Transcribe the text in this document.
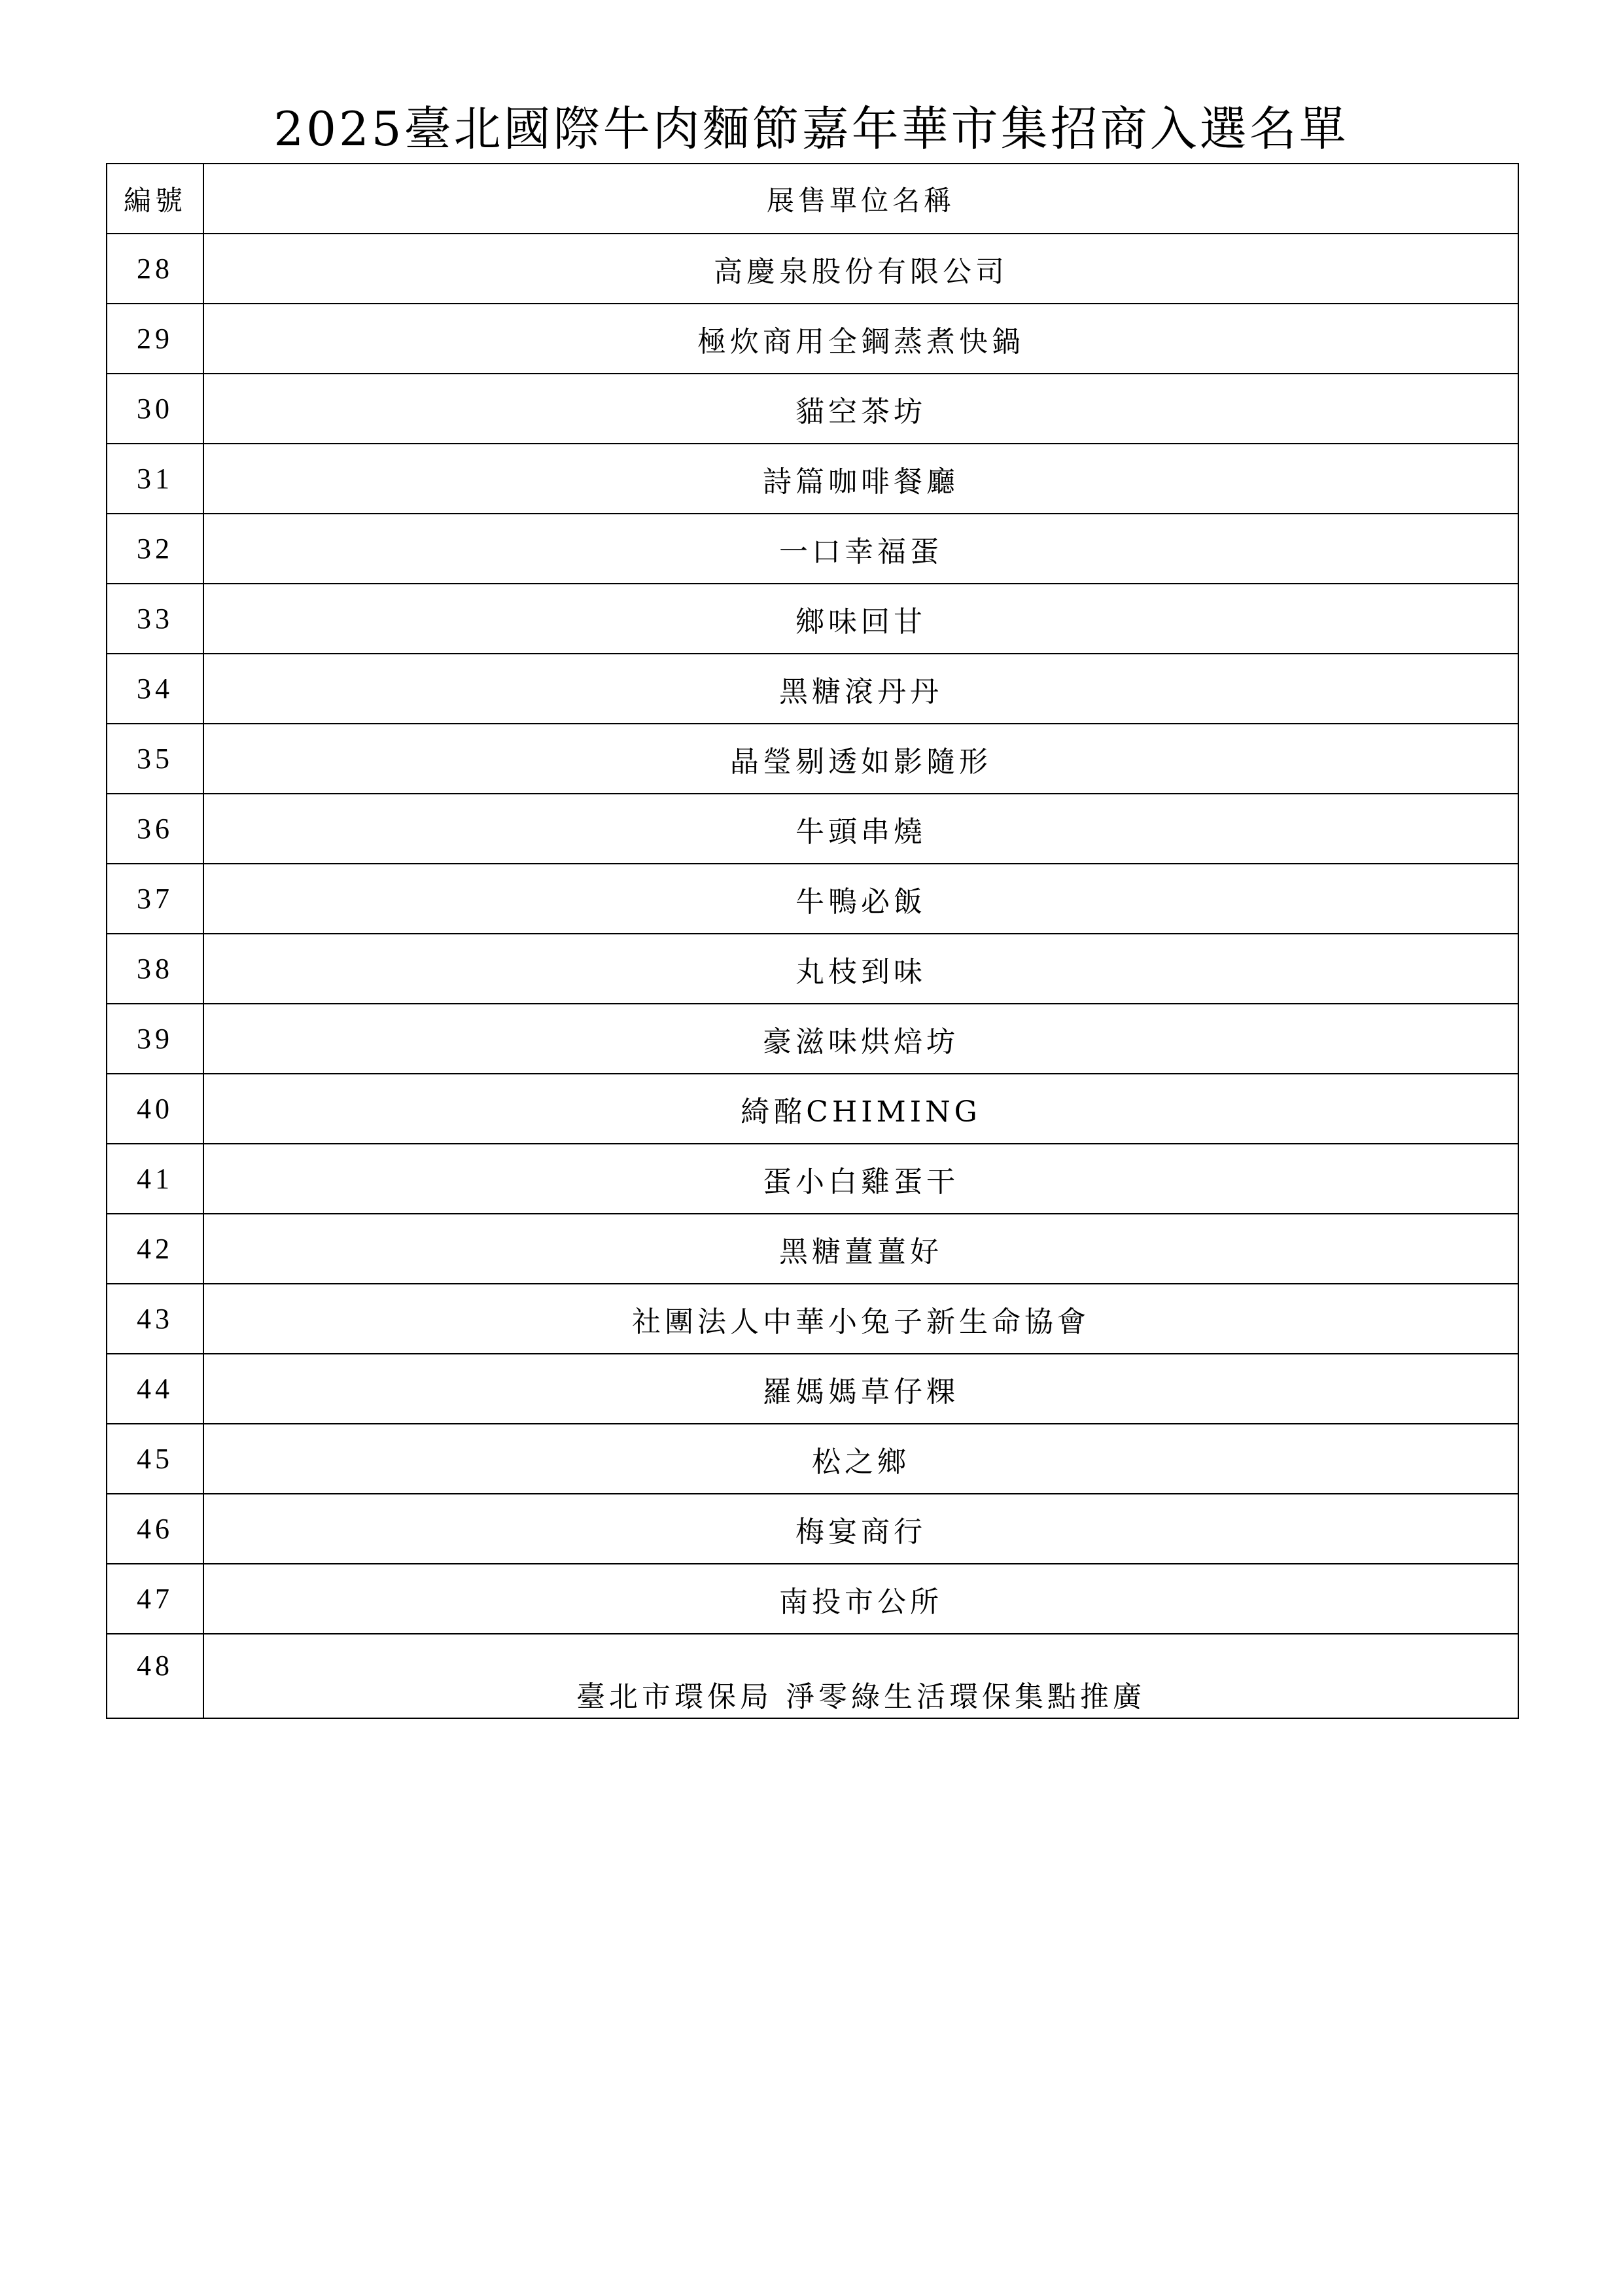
2025臺北國際牛肉麵節嘉年華市集招商入選名單
編號	展售單位名稱
28	高慶泉股份有限公司
29	極炊商用全鋼蒸煮快鍋
30	貓空茶坊
31	詩篇咖啡餐廳
32	一口幸福蛋
33	鄉味回甘
34	黑糖滾丹丹
35	晶瑩剔透如影隨形
36	牛頭串燒
37	牛鴨必飯
38	丸枝到味
39	豪滋味烘焙坊
40	綺酩CHIMING
41	蛋小白雞蛋干
42	黑糖薑薑好
43	社團法人中華小兔子新生命協會
44	羅媽媽草仔粿
45	松之鄉
46	梅宴商行
47	南投市公所
48	臺北市環保局 淨零綠生活環保集點推廣
